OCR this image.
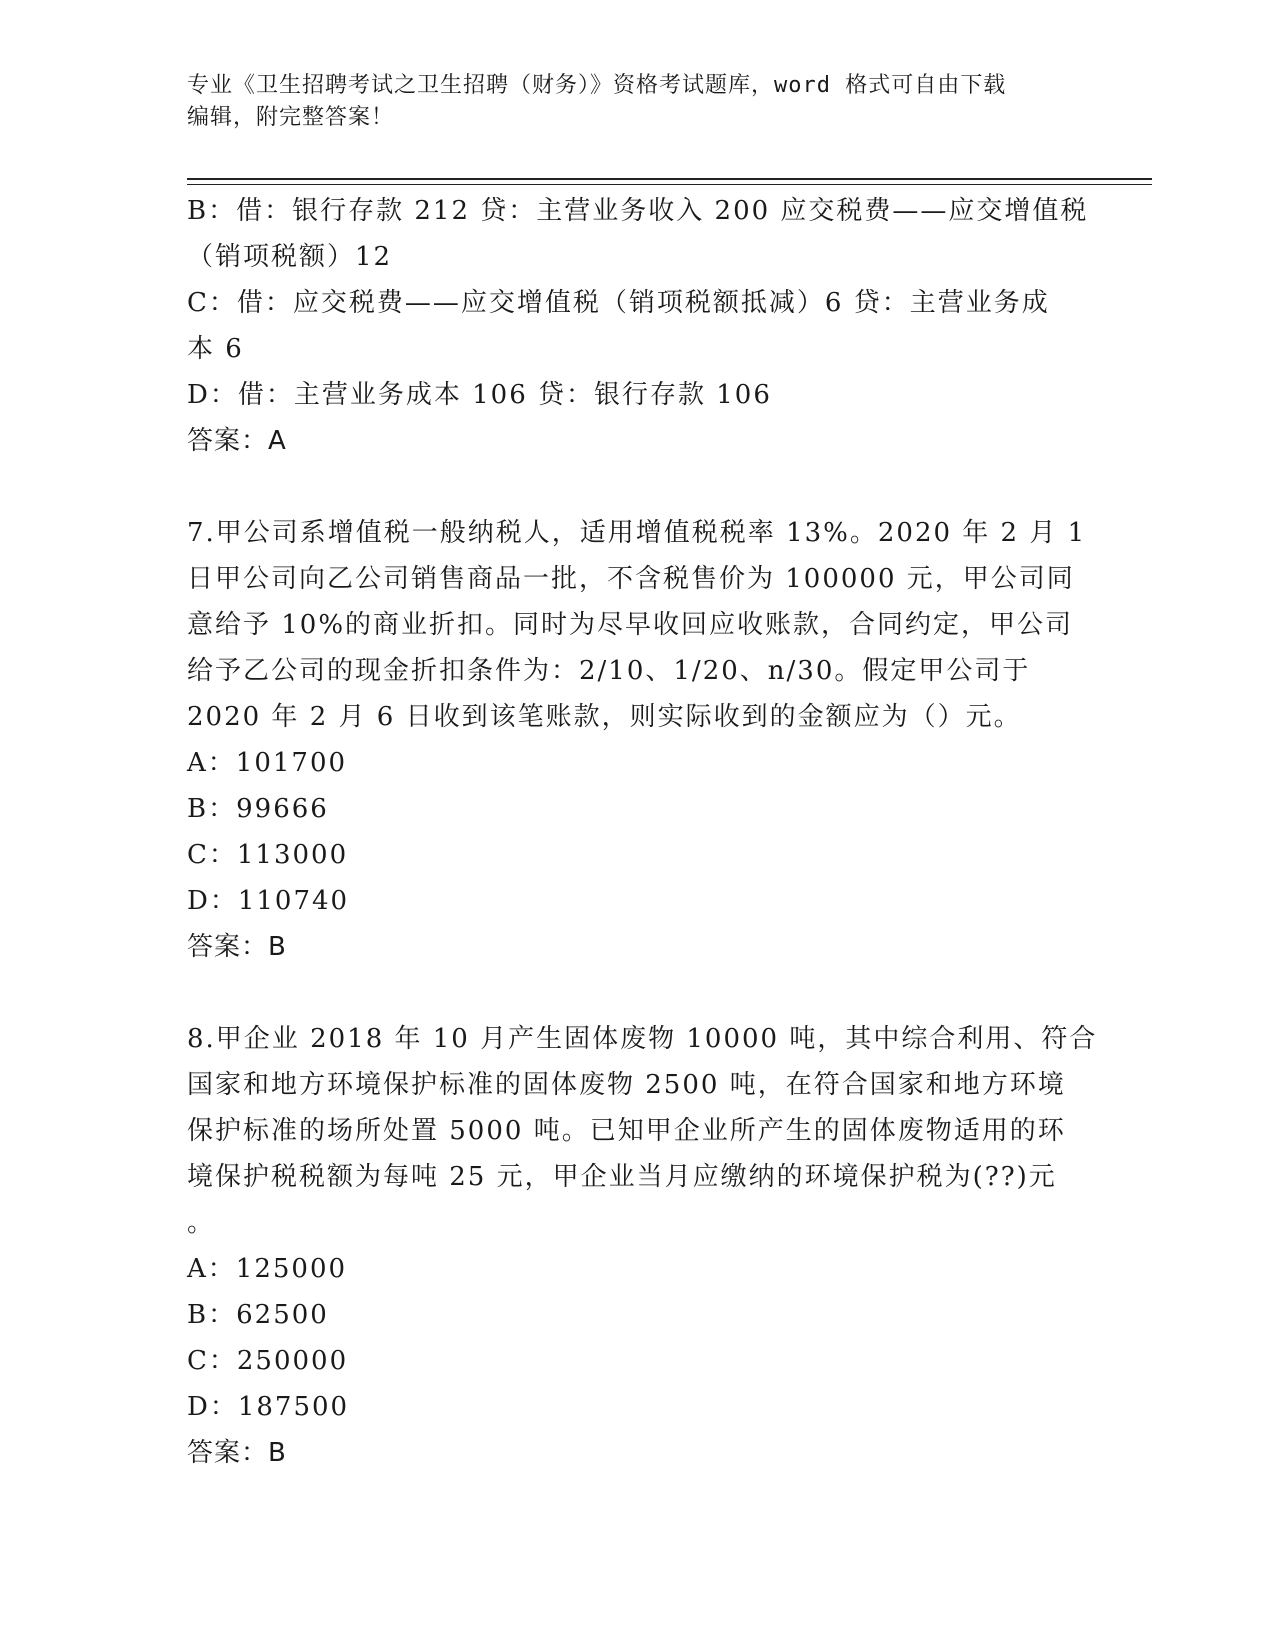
专业《卫生招聘考试之卫生招聘（财务）》资格考试题库，word 格式可自由下载
编辑，附完整答案！
B：借：银行存款 212 贷：主营业务收入 200 应交税费——应交增值税
（销项税额）12
C：借：应交税费——应交增值税（销项税额抵减）6 贷：主营业务成
本 6
D：借：主营业务成本 106 贷：银行存款 106
答案：A
7.甲公司系增值税一般纳税人，适用增值税税率 13%。2020 年 2 月 1
日甲公司向乙公司销售商品一批，不含税售价为 100000 元，甲公司同
意给予 10%的商业折扣。同时为尽早收回应收账款，合同约定，甲公司
给予乙公司的现金折扣条件为：2/10、1/20、n/30。假定甲公司于
2020 年 2 月 6 日收到该笔账款，则实际收到的金额应为（）元。
A：101700
B：99666
C：113000
D：110740
答案：B
8.甲企业 2018 年 10 月产生固体废物 10000 吨，其中综合利用、符合
国家和地方环境保护标准的固体废物 2500 吨，在符合国家和地方环境
保护标准的场所处置 5000 吨。已知甲企业所产生的固体废物适用的环
境保护税税额为每吨 25 元，甲企业当月应缴纳的环境保护税为(??)元
。
A：125000
B：62500
C：250000
D：187500
答案：B
